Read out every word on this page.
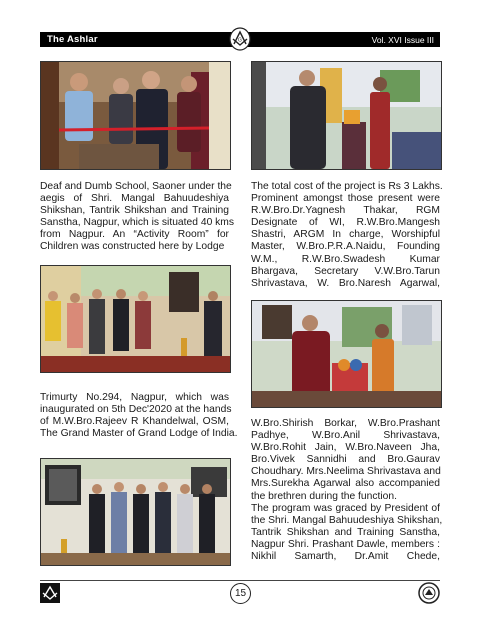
The Ashlar	Vol. XVI Issue III
G
Deaf and Dumb School, Saoner under the
aegis of Shri. Mangal Bahuudeshiya
Shikshan, Tantrik Shikshan and Training
Sanstha, Nagpur, which is situated 40 kms
from Nagpur. An “Activity Room” for
Children was constructed here by Lodge
Trimurty No.294, Nagpur, which was
inaugurated on 5th Dec'2020 at the hands
of M.W.Bro.Rajeev R Khandelwal, OSM,
The Grand Master of Grand Lodge of India.
The total cost of the project is Rs 3 Lakhs.
Prominent amongst those present were
R.W.Bro.Dr.Yagnesh Thakar, RGM
Designate of WI, R.W.Bro.Mangesh
Shastri, ARGM In charge, Worshipful
Master, W.Bro.P.R.A.Naidu, Founding
W.M., R.W.Bro.Swadesh Kumar
Bhargava, Secretary V.W.Bro.Tarun
Shrivastava, W. Bro.Naresh Agarwal,
W.Bro.Shirish Borkar, W.Bro.Prashant
Padhye, W.Bro.Anil Shrivastava,
W.Bro.Rohit Jain, W.Bro.Naveen Jha,
Bro.Vivek Sannidhi and Bro.Gaurav
Choudhary. Mrs.Neelima Shrivastava and
Mrs.Surekha Agarwal also accompanied
the brethren during the function.
The program was graced by President of
the Shri. Mangal Bahuudeshiya Shikshan,
Tantrik Shikshan and Training Sanstha,
Nagpur Shri. Prashant Dawle, members :
Nikhil Samarth, Dr.Amit Chede,
15
